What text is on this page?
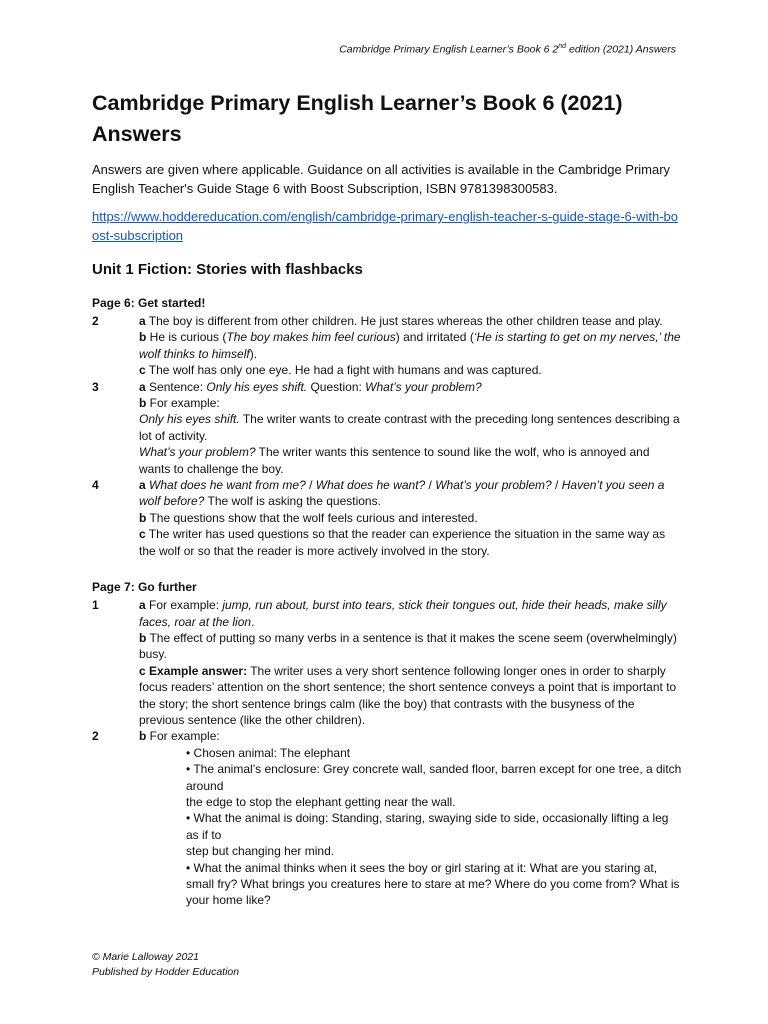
Cambridge Primary English Learner’s Book 6 2nd edition (2021) Answers
Cambridge Primary English Learner’s Book 6 (2021) Answers

Answers are given where applicable. Guidance on all activities is available in the Cambridge Primary English Teacher's Guide Stage 6 with Boost Subscription, ISBN 9781398300583.

https://www.hoddereducation.com/english/cambridge-primary-english-teacher-s-guide-stage-6-with-boost-subscription
Unit 1 Fiction: Stories with flashbacks
Page 6: Get started!
2	a The boy is different from other children. He just stares whereas the other children tease and play.

b He is curious (The boy makes him feel curious) and irritated (‘He is starting to get on my nerves,’ the wolf thinks to himself).

c The wolf has only one eye. He had a fight with humans and was captured.

3	a Sentence: Only his eyes shift. Question: What’s your problem?

b For example:

Only his eyes shift. The writer wants to create contrast with the preceding long sentences describing a lot of activity.

What’s your problem? The writer wants this sentence to sound like the wolf, who is annoyed and wants to challenge the boy.

4	a What does he want from me? / What does he want? / What’s your problem? / Haven’t you seen a wolf before? The wolf is asking the questions.

b The questions show that the wolf feels curious and interested.

c The writer has used questions so that the reader can experience the situation in the same way as the wolf or so that the reader is more actively involved in the story.

Page 7: Go further
1	a For example: jump, run about, burst into tears, stick their tongues out, hide their heads, make silly faces, roar at the lion.

b The effect of putting so many verbs in a sentence is that it makes the scene seem (overwhelmingly) busy.

c Example answer: The writer uses a very short sentence following longer ones in order to sharply focus readers’ attention on the short sentence; the short sentence conveys a point that is important to the story; the short sentence brings calm (like the boy) that contrasts with the busyness of the previous sentence (like the other children).

2	b For example:

• Chosen animal: The elephant

• The animal’s enclosure: Grey concrete wall, sanded floor, barren except for one tree, a ditch around

the edge to stop the elephant getting near the wall.

• What the animal is doing: Standing, staring, swaying side to side, occasionally lifting a leg as if to

step but changing her mind.

• What the animal thinks when it sees the boy or girl staring at it: What are you staring at, small fry? What brings you creatures here to stare at me? Where do you come from? What is your home like?

© Marie Lalloway 2021
Published by Hodder Education
